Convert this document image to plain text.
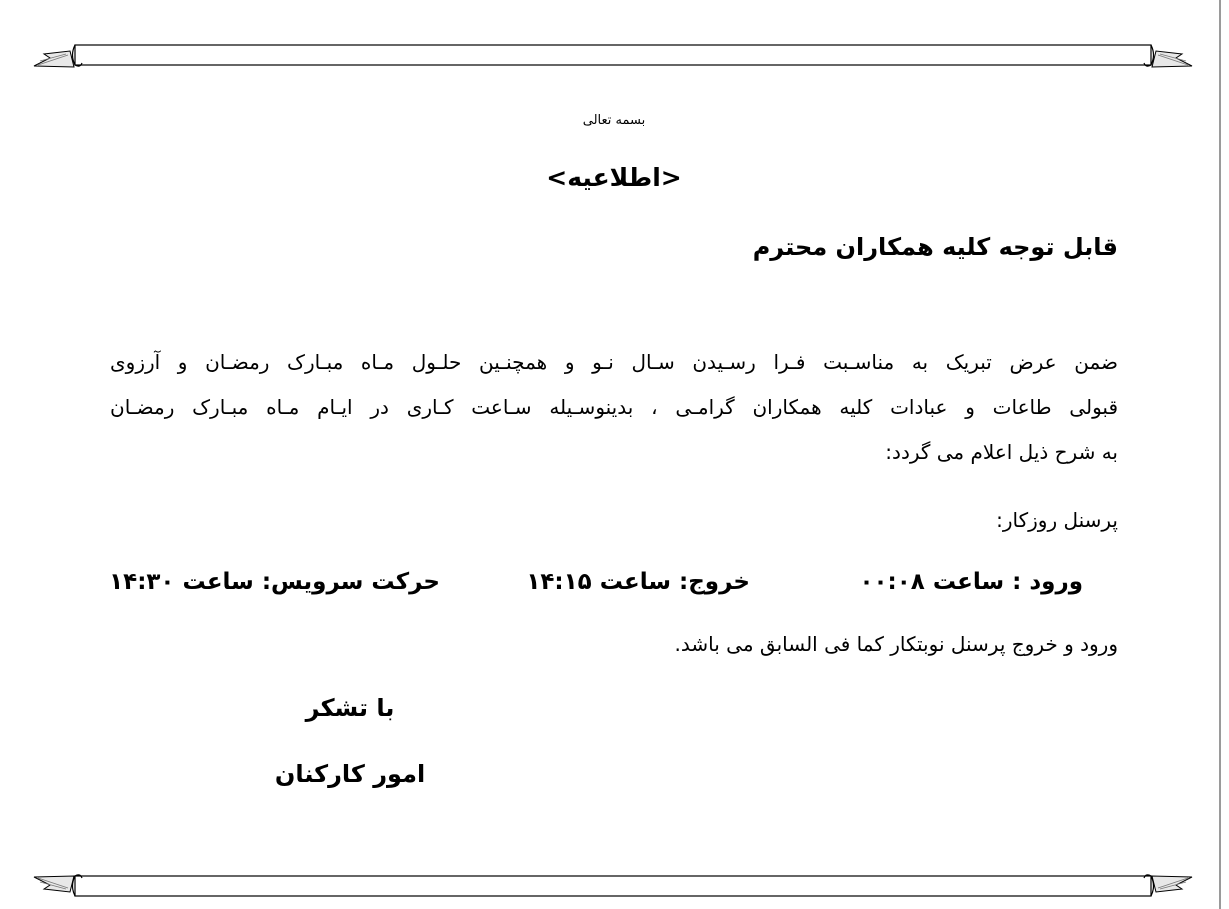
بسمه تعالی
<اطلاعیه>
قابل توجه کلیه همکاران محترم
ضمن عرض تبریک به مناسـبت فـرا رسـیدن سـال نـو و همچنـین حلـول مـاه مبـارک رمضـان و آرزوی
قبولی طاعات و عبادات کلیه همکاران گرامـی ، بدینوسـیله سـاعت کـاری در ایـام مـاه مبـارک رمضـان
به شرح ذیل اعلام می گردد:
پرسنل روزکار:
ورود : ساعت ۰۰:۰۸
خروج: ساعت ۱۴:۱۵
حرکت سرویس: ساعت ۱۴:۳۰
ورود و خروج پرسنل نوبتکار کما فی السابق می باشد.
با تشکر
امور کارکنان
